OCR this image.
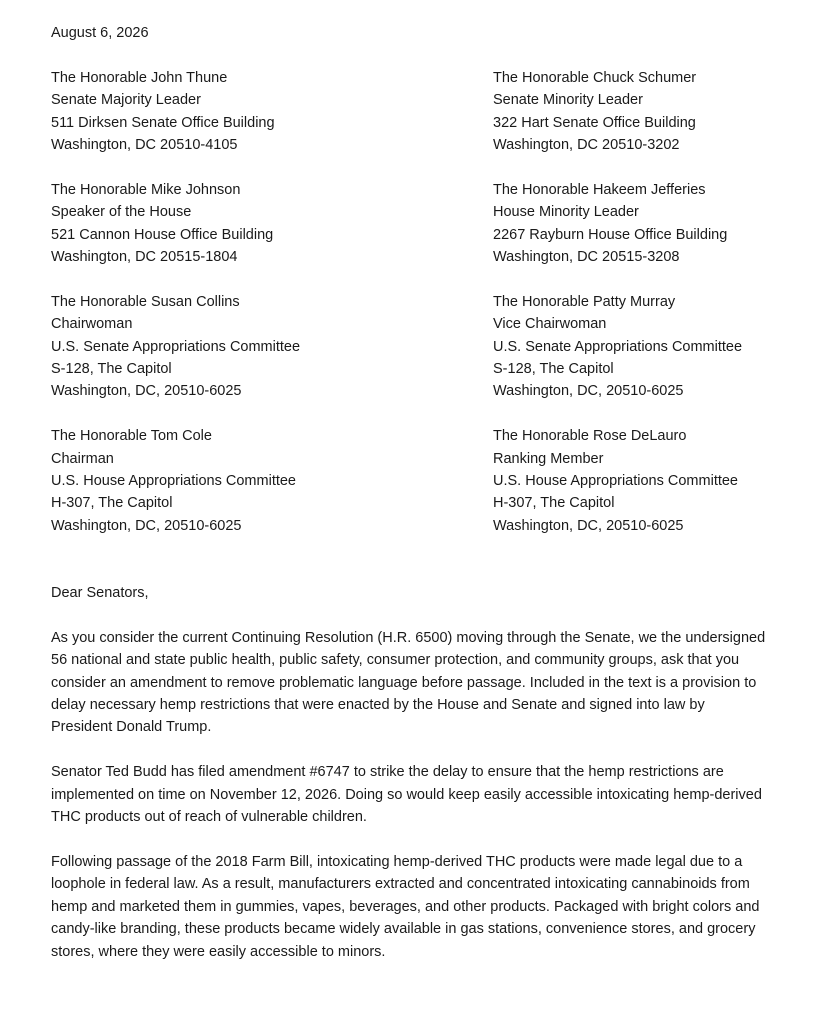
August 6, 2026
The Honorable John Thune
Senate Majority Leader
511 Dirksen Senate Office Building
Washington, DC 20510-4105
The Honorable Chuck Schumer
Senate Minority Leader
322 Hart Senate Office Building
Washington, DC 20510-3202
The Honorable Mike Johnson
Speaker of the House
521 Cannon House Office Building
Washington, DC 20515-1804
The Honorable Hakeem Jefferies
House Minority Leader
2267 Rayburn House Office Building
Washington, DC 20515-3208
The Honorable Susan Collins
Chairwoman
U.S. Senate Appropriations Committee
S-128, The Capitol
Washington, DC, 20510-6025
The Honorable Patty Murray
Vice Chairwoman
U.S. Senate Appropriations Committee
S-128, The Capitol
Washington, DC, 20510-6025
The Honorable Tom Cole
Chairman
U.S. House Appropriations Committee
H-307, The Capitol
Washington, DC, 20510-6025
The Honorable Rose DeLauro
Ranking Member
U.S. House Appropriations Committee
H-307, The Capitol
Washington, DC, 20510-6025
Dear Senators,
As you consider the current Continuing Resolution (H.R. 6500) moving through the Senate, we the undersigned 56 national and state public health, public safety, consumer protection, and community groups, ask that you consider an amendment to remove problematic language before passage. Included in the text is a provision to delay necessary hemp restrictions that were enacted by the House and Senate and signed into law by President Donald Trump.
Senator Ted Budd has filed amendment #6747 to strike the delay to ensure that the hemp restrictions are implemented on time on November 12, 2026. Doing so would keep easily accessible intoxicating hemp-derived THC products out of reach of vulnerable children.
Following passage of the 2018 Farm Bill, intoxicating hemp-derived THC products were made legal due to a loophole in federal law. As a result, manufacturers extracted and concentrated intoxicating cannabinoids from hemp and marketed them in gummies, vapes, beverages, and other products. Packaged with bright colors and candy-like branding, these products became widely available in gas stations, convenience stores, and grocery stores, where they were easily accessible to minors.
